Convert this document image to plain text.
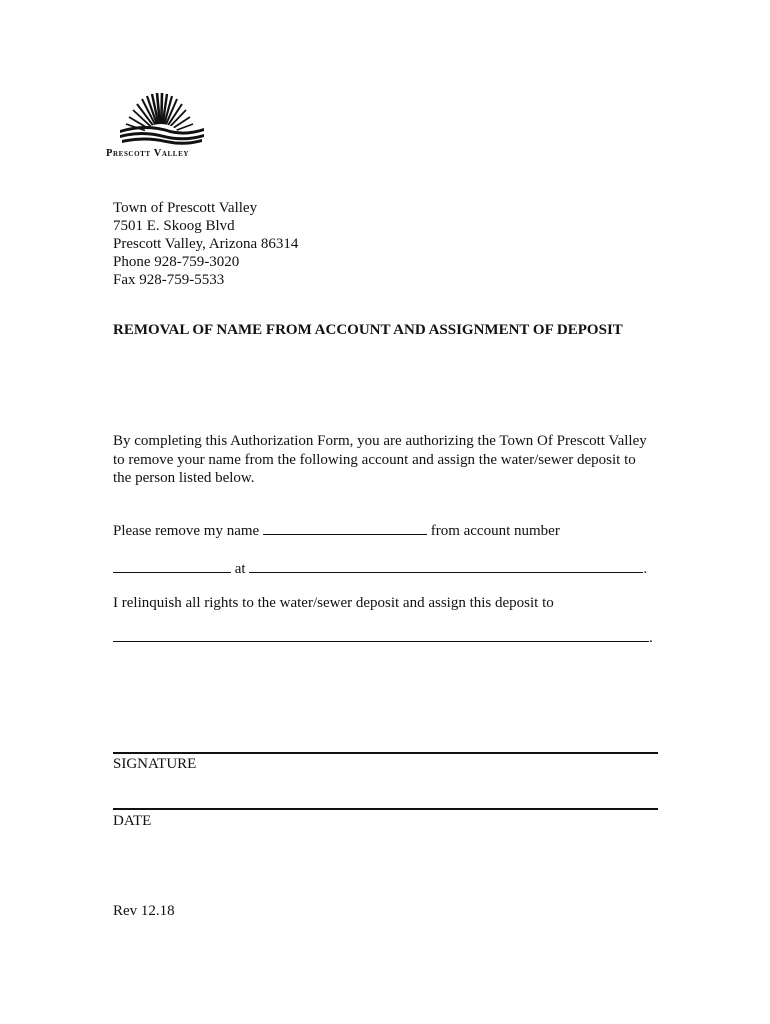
Prescott Valley
Town of Prescott Valley
7501 E. Skoog Blvd
Prescott Valley, Arizona 86314
Phone 928-759-3020
Fax 928-759-5533
REMOVAL OF NAME FROM ACCOUNT AND ASSIGNMENT OF DEPOSIT
By completing this Authorization Form, you are authorizing the Town Of Prescott Valley
to remove your name from the following account and assign the water/sewer deposit to
the person listed below.
Please remove my name	from account number
at	.
I relinquish all rights to the water/sewer deposit and assign this deposit to
.
SIGNATURE
DATE
Rev 12.18
